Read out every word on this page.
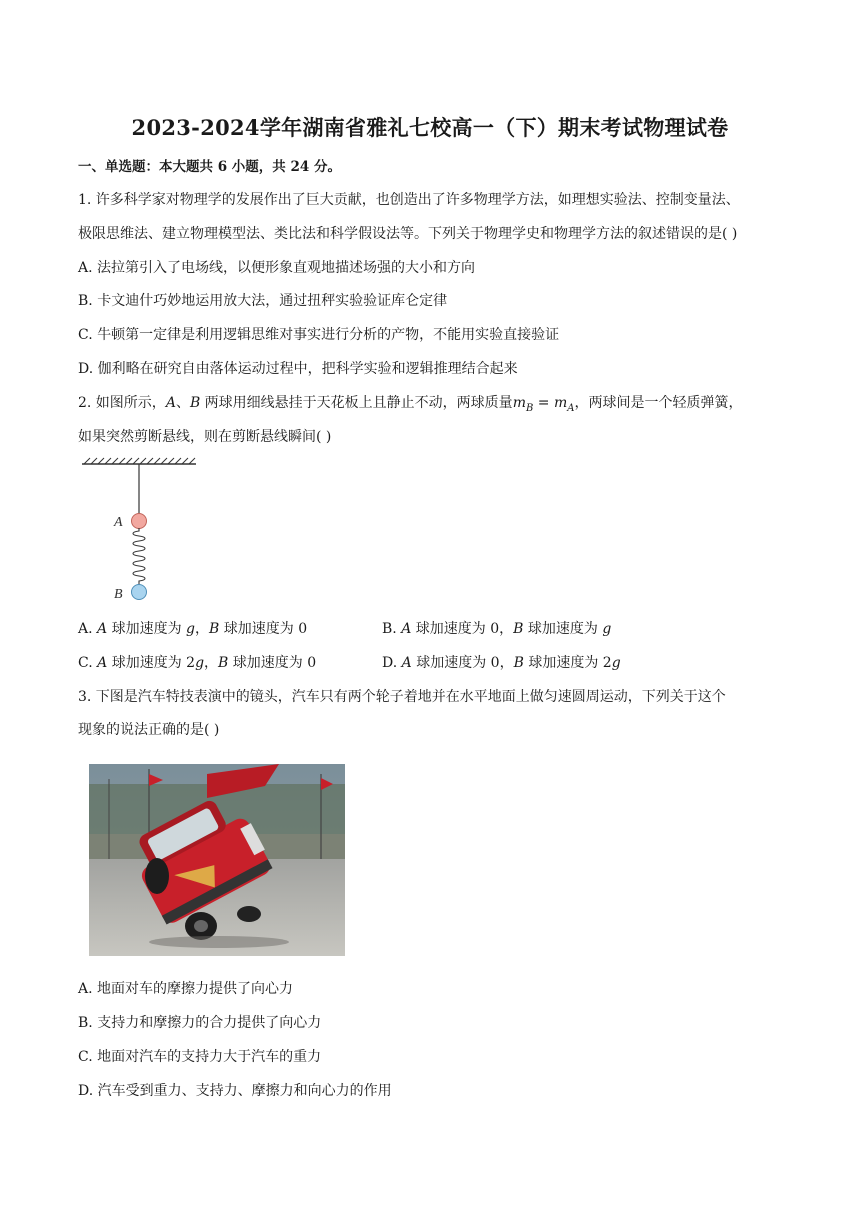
2023-2024学年湖南省雅礼七校高一（下）期末考试物理试卷
一、单选题：本大题共 6 小题，共 24 分。
1. 许多科学家对物理学的发展作出了巨大贡献，也创造出了许多物理学方法，如理想实验法、控制变量法、
极限思维法、建立物理模型法、类比法和科学假设法等。下列关于物理学史和物理学方法的叙述错误的是( )
A. 法拉第引入了电场线，以便形象直观地描述场强的大小和方向
B. 卡文迪什巧妙地运用放大法，通过扭秤实验验证库仑定律
C. 牛顿第一定律是利用逻辑思维对事实进行分析的产物，不能用实验直接验证
D. 伽利略在研究自由落体运动过程中，把科学实验和逻辑推理结合起来
2. 如图所示，A、B 两球用细线悬挂于天花板上且静止不动，两球质量$m_B = m_A$，两球间是一个轻质弹簧，
如果突然剪断悬线，则在剪断悬线瞬间( )
A
B
A. A 球加速度为 g，B 球加速度为 0	B. A 球加速度为 0，B 球加速度为 g
C. A 球加速度为 2g，B 球加速度为 0	D. A 球加速度为 0，B 球加速度为 2g
3. 下图是汽车特技表演中的镜头，汽车只有两个轮子着地并在水平地面上做匀速圆周运动，下列关于这个
现象的说法正确的是( )
A. 地面对车的摩擦力提供了向心力
B. 支持力和摩擦力的合力提供了向心力
C. 地面对汽车的支持力大于汽车的重力
D. 汽车受到重力、支持力、摩擦力和向心力的作用
